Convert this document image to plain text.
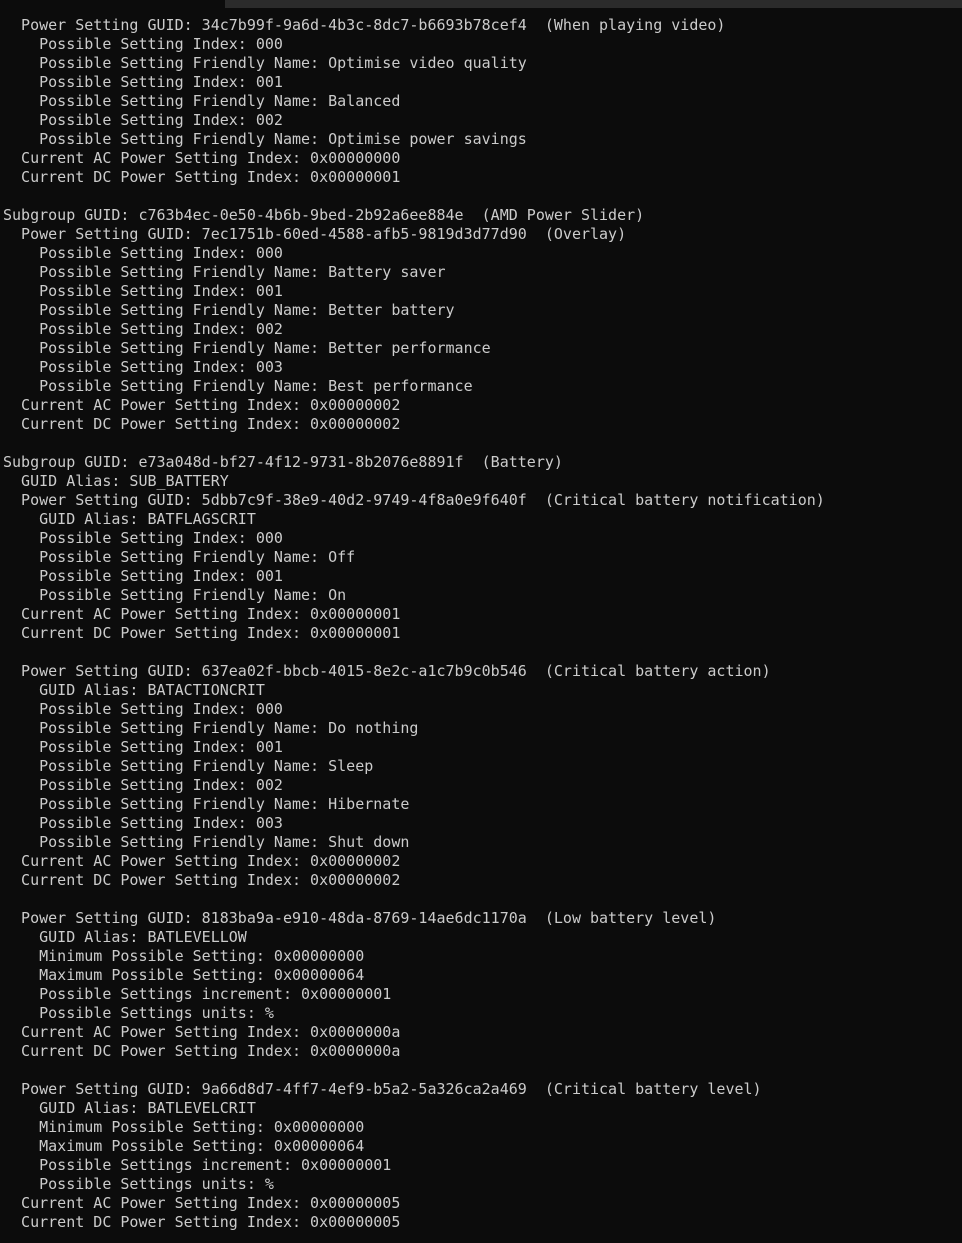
Power Setting GUID: 34c7b99f-9a6d-4b3c-8dc7-b6693b78cef4  (When playing video)
Possible Setting Index: 000
Possible Setting Friendly Name: Optimise video quality
Possible Setting Index: 001
Possible Setting Friendly Name: Balanced
Possible Setting Index: 002
Possible Setting Friendly Name: Optimise power savings
Current AC Power Setting Index: 0x00000000
Current DC Power Setting Index: 0x00000001

Subgroup GUID: c763b4ec-0e50-4b6b-9bed-2b92a6ee884e  (AMD Power Slider)
Power Setting GUID: 7ec1751b-60ed-4588-afb5-9819d3d77d90  (Overlay)
Possible Setting Index: 000
Possible Setting Friendly Name: Battery saver
Possible Setting Index: 001
Possible Setting Friendly Name: Better battery
Possible Setting Index: 002
Possible Setting Friendly Name: Better performance
Possible Setting Index: 003
Possible Setting Friendly Name: Best performance
Current AC Power Setting Index: 0x00000002
Current DC Power Setting Index: 0x00000002

Subgroup GUID: e73a048d-bf27-4f12-9731-8b2076e8891f  (Battery)
GUID Alias: SUB_BATTERY
Power Setting GUID: 5dbb7c9f-38e9-40d2-9749-4f8a0e9f640f  (Critical battery notification)
GUID Alias: BATFLAGSCRIT
Possible Setting Index: 000
Possible Setting Friendly Name: Off
Possible Setting Index: 001
Possible Setting Friendly Name: On
Current AC Power Setting Index: 0x00000001
Current DC Power Setting Index: 0x00000001

Power Setting GUID: 637ea02f-bbcb-4015-8e2c-a1c7b9c0b546  (Critical battery action)
GUID Alias: BATACTIONCRIT
Possible Setting Index: 000
Possible Setting Friendly Name: Do nothing
Possible Setting Index: 001
Possible Setting Friendly Name: Sleep
Possible Setting Index: 002
Possible Setting Friendly Name: Hibernate
Possible Setting Index: 003
Possible Setting Friendly Name: Shut down
Current AC Power Setting Index: 0x00000002
Current DC Power Setting Index: 0x00000002

Power Setting GUID: 8183ba9a-e910-48da-8769-14ae6dc1170a  (Low battery level)
GUID Alias: BATLEVELLOW
Minimum Possible Setting: 0x00000000
Maximum Possible Setting: 0x00000064
Possible Settings increment: 0x00000001
Possible Settings units: %
Current AC Power Setting Index: 0x0000000a
Current DC Power Setting Index: 0x0000000a

Power Setting GUID: 9a66d8d7-4ff7-4ef9-b5a2-5a326ca2a469  (Critical battery level)
GUID Alias: BATLEVELCRIT
Minimum Possible Setting: 0x00000000
Maximum Possible Setting: 0x00000064
Possible Settings increment: 0x00000001
Possible Settings units: %
Current AC Power Setting Index: 0x00000005
Current DC Power Setting Index: 0x00000005
